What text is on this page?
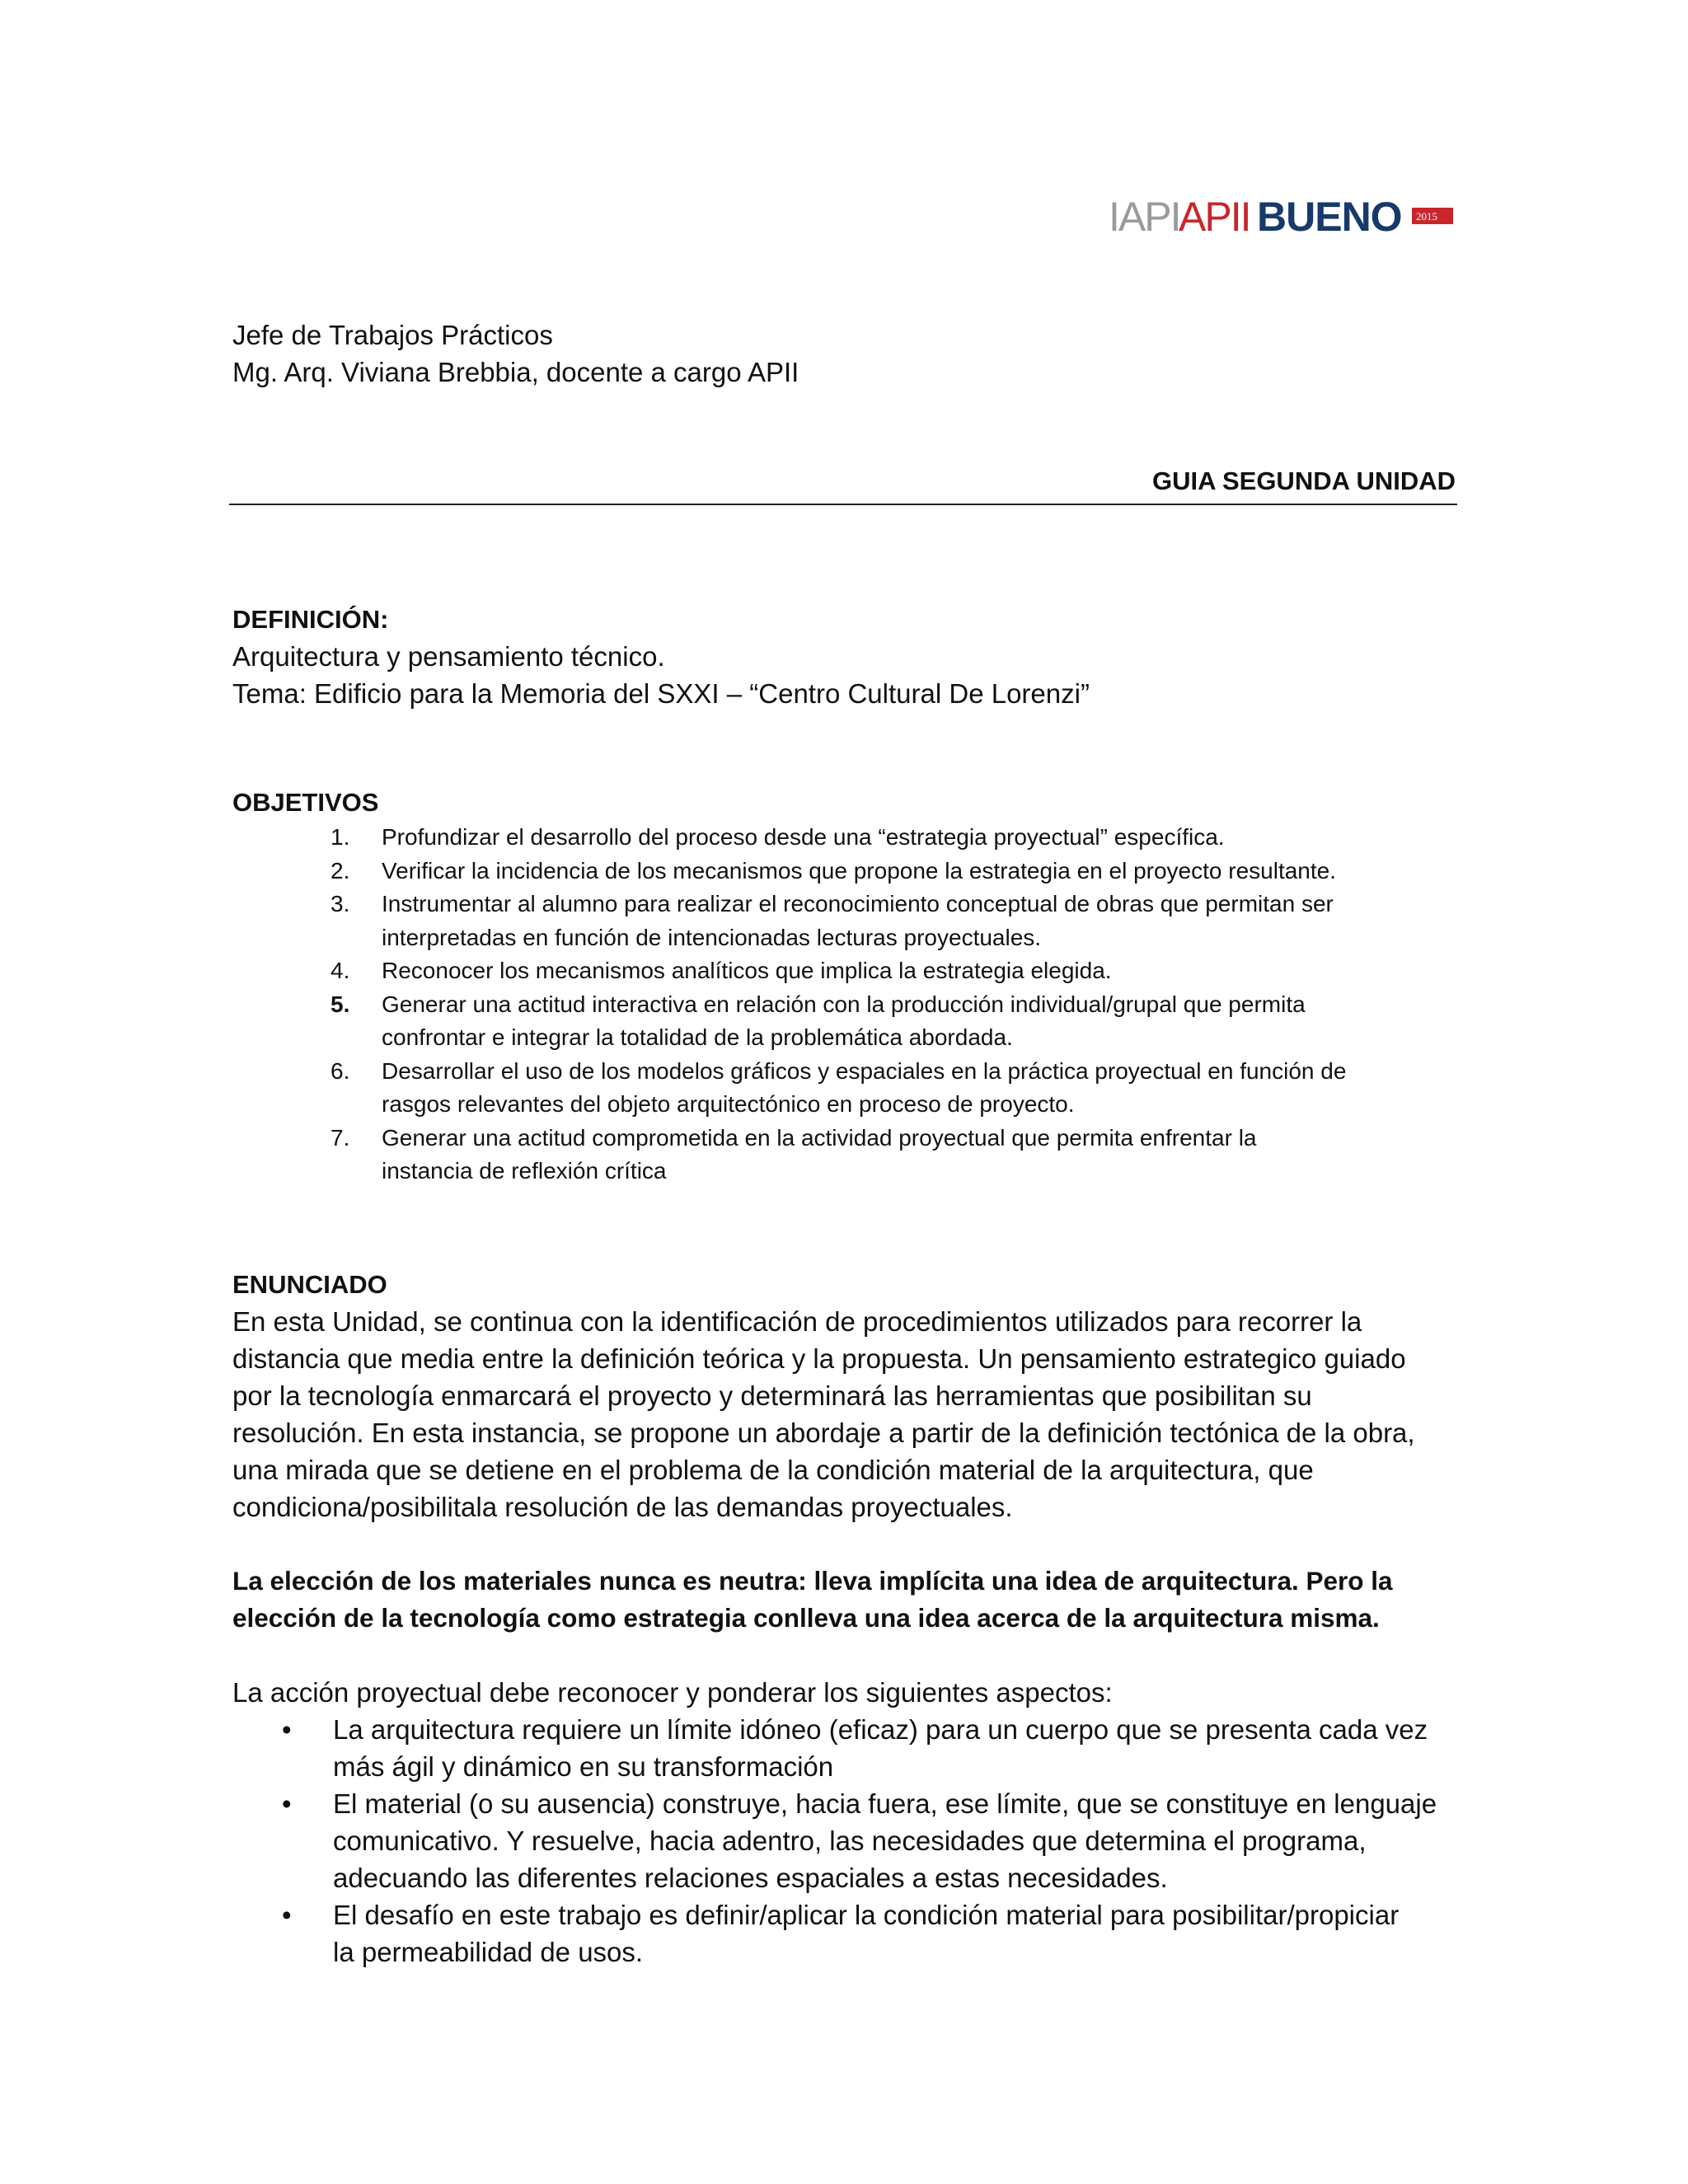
IAPI
APII BUENO 2015
Jefe de Trabajos Prácticos
Mg. Arq. Viviana Brebbia, docente a cargo APII
GUIA SEGUNDA UNIDAD
DEFINICIÓN:
Arquitectura y pensamiento técnico.
Tema: Edificio para la Memoria del SXXI – “Centro Cultural De Lorenzi”
OBJETIVOS
1.	Profundizar el desarrollo del proceso desde una “estrategia proyectual” específica.
2.	Verificar la incidencia de los mecanismos que propone la estrategia en el proyecto resultante.
3.	Instrumentar al alumno para realizar el reconocimiento conceptual de obras que permitan ser
interpretadas en función de intencionadas lecturas proyectuales.
4.	Reconocer los mecanismos analíticos que implica la estrategia elegida.
5.	Generar una actitud interactiva en relación con la producción individual/grupal que permita
confrontar e integrar la totalidad de la problemática abordada.
6.	Desarrollar el uso de los modelos gráficos y espaciales en la práctica proyectual en función de
rasgos relevantes del objeto arquitectónico en proceso de proyecto.
7.	Generar una actitud comprometida en la actividad proyectual que permita enfrentar la
instancia de reflexión crítica
ENUNCIADO
En esta Unidad, se continua con la identificación de procedimientos utilizados para recorrer la
distancia que media entre la definición teórica y la propuesta. Un pensamiento estrategico guiado
por la tecnología enmarcará el proyecto y determinará las herramientas que posibilitan su
resolución. En esta instancia, se propone un abordaje a partir de la definición tectónica de la obra,
una mirada que se detiene en el problema de la condición material de la arquitectura, que
condiciona/posibilitala resolución de las demandas proyectuales.
La elección de los materiales nunca es neutra: lleva implícita una idea de arquitectura. Pero la
elección de la tecnología como estrategia conlleva una idea acerca de la arquitectura misma.
La acción proyectual debe reconocer y ponderar los siguientes aspectos:
• La arquitectura requiere un límite idóneo (eficaz) para un cuerpo que se presenta cada vez
más ágil y dinámico en su transformación
• El material (o su ausencia) construye, hacia fuera, ese límite, que se constituye en lenguaje
comunicativo. Y resuelve, hacia adentro, las necesidades que determina el programa,
adecuando las diferentes relaciones espaciales a estas necesidades.
• El desafío en este trabajo es definir/aplicar la condición material para posibilitar/propiciar
la permeabilidad de usos.
